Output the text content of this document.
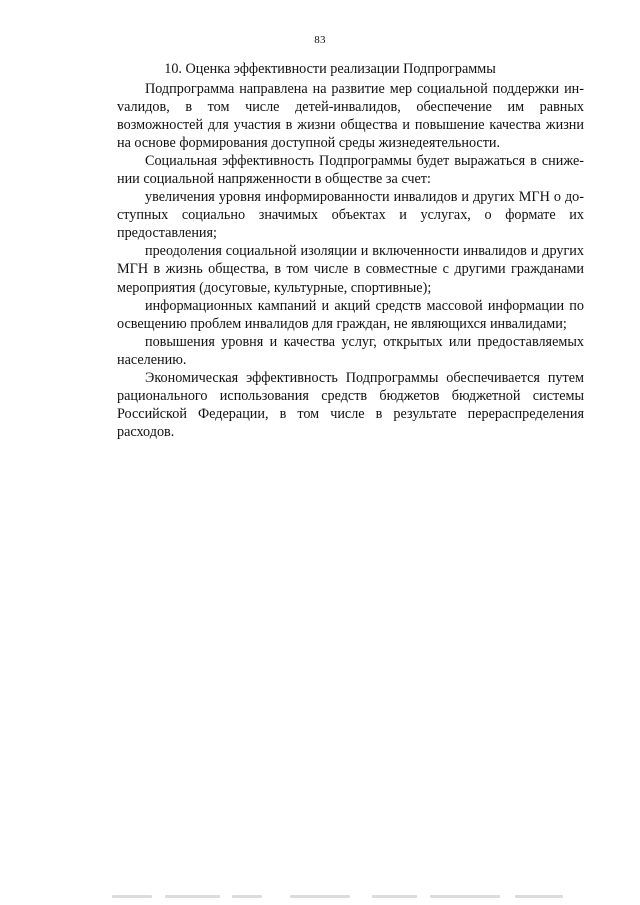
83
10. Оценка эффективности реализации Подпрограммы

Подпрограмма направлена на развитие мер социальной поддержки инvалидов, в том числе детей-инвалидов, обеспечение им равных возможностей для участия в жизни общества и повышение качества жизни на основе формирования доступной среды жизнедеятельности.

Социальная эффективность Подпрограммы будет выражаться в снижении социальной напряженности в обществе за счет:

увеличения уровня информированности инвалидов и других МГН о доступных социально значимых объектах и услугах, о формате их предоставления;

преодоления социальной изоляции и включенности инвалидов и других МГН в жизнь общества, в том числе в совместные с другими гражданами мероприятия (досуговые, культурные, спортивные);

информационных кампаний и акций средств массовой информации по освещению проблем инвалидов для граждан, не являющихся инвалидами;

повышения уровня и качества услуг, открытых или предоставляемых населению.

Экономическая эффективность Подпрограммы обеспечивается путем рационального использования средств бюджетов бюджетной системы Российской Федерации, в том числе в результате перераспределения расходов.
